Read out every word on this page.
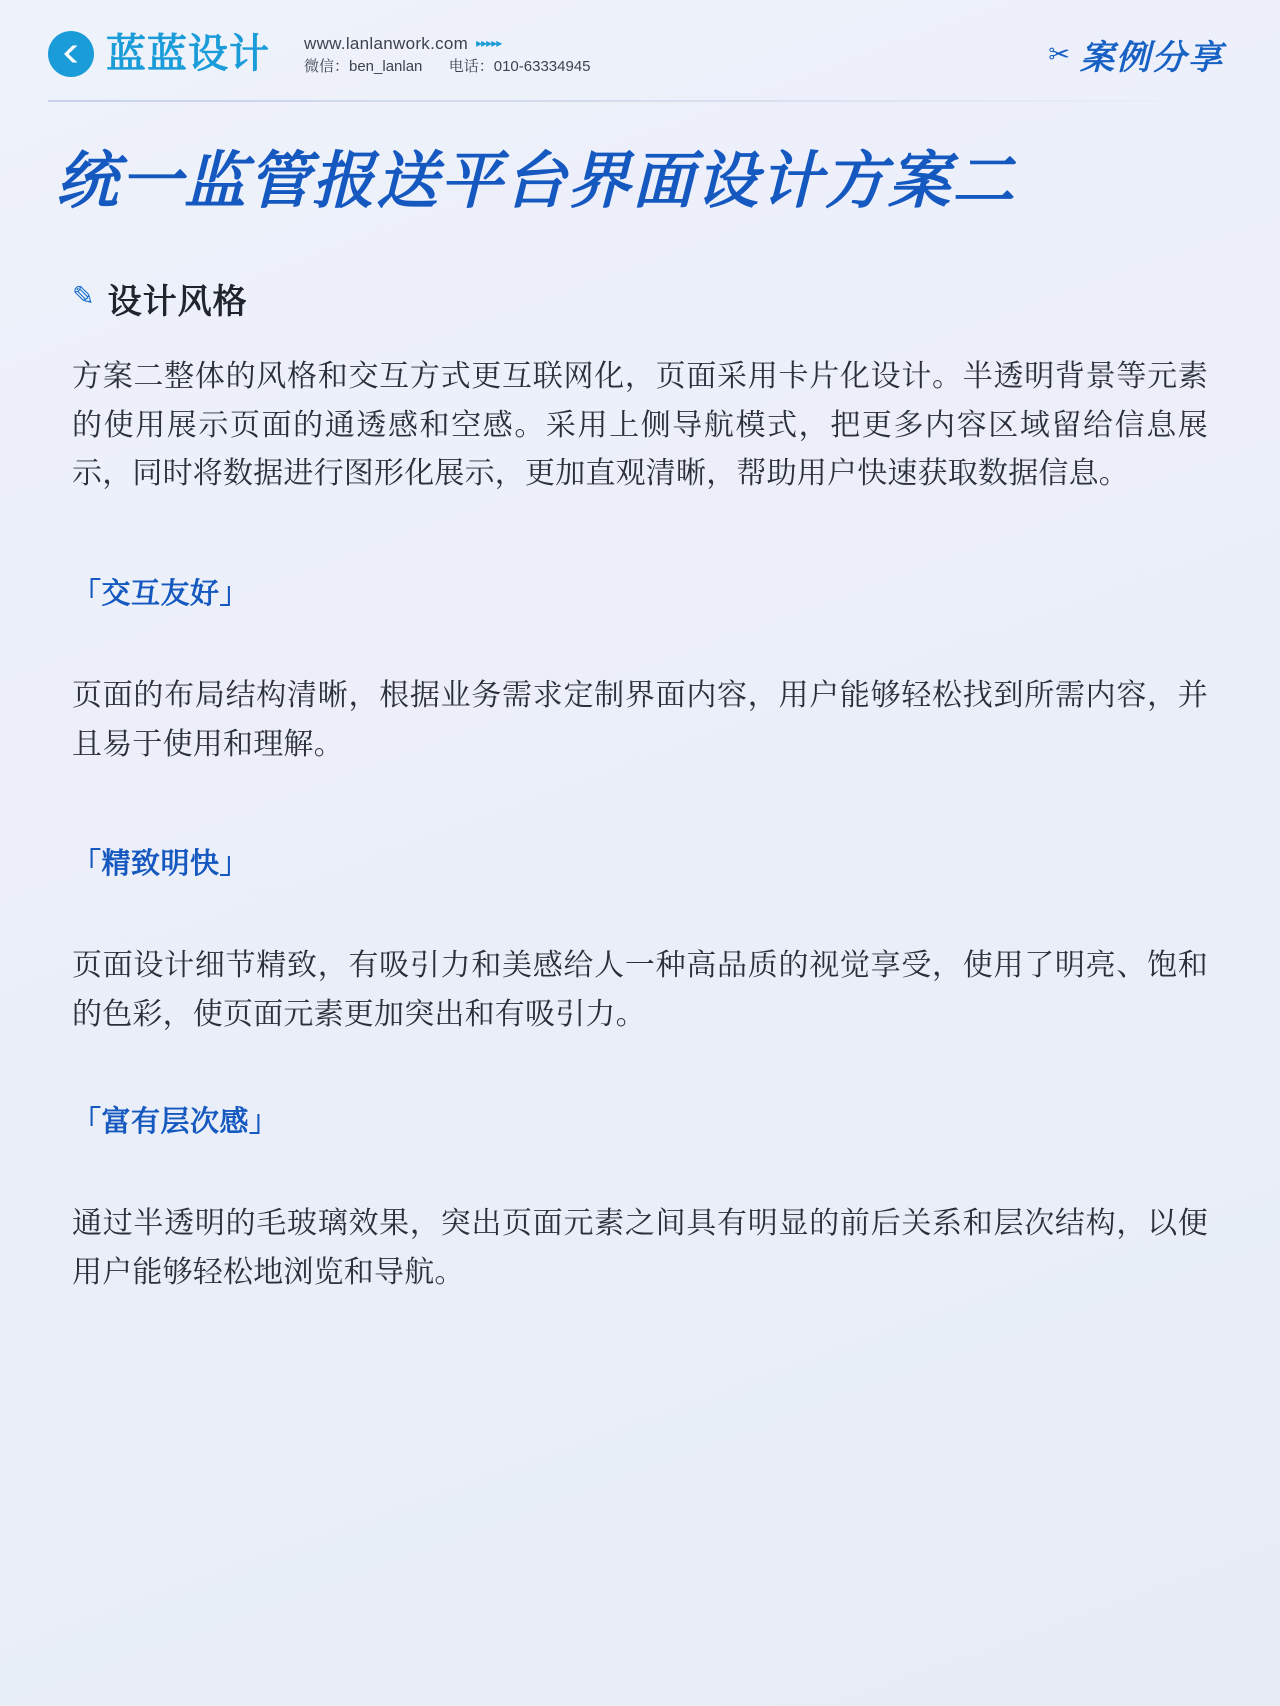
蓝蓝设计 www.lanlanwork.com ▸▸▸▸▸
微信：ben_lanlan 电话：010-63334945	✂ 案例分享
统一监管报送平台界面设计方案二
✎ 设计风格

方案二整体的风格和交互方式更互联网化，页面采用卡片化设计。半透明背景等元素的使用展示页面的通透感和空感。采用上侧导航模式，把更多内容区域留给信息展示，同时将数据进行图形化展示，更加直观清晰，帮助用户快速获取数据信息。

「交互友好」

页面的布局结构清晰，根据业务需求定制界面内容，用户能够轻松找到所需内容，并且易于使用和理解。

「精致明快」

页面设计细节精致，有吸引力和美感给人一种高品质的视觉享受，使用了明亮、饱和的色彩，使页面元素更加突出和有吸引力。

「富有层次感」

通过半透明的毛玻璃效果，突出页面元素之间具有明显的前后关系和层次结构，以便用户能够轻松地浏览和导航。
